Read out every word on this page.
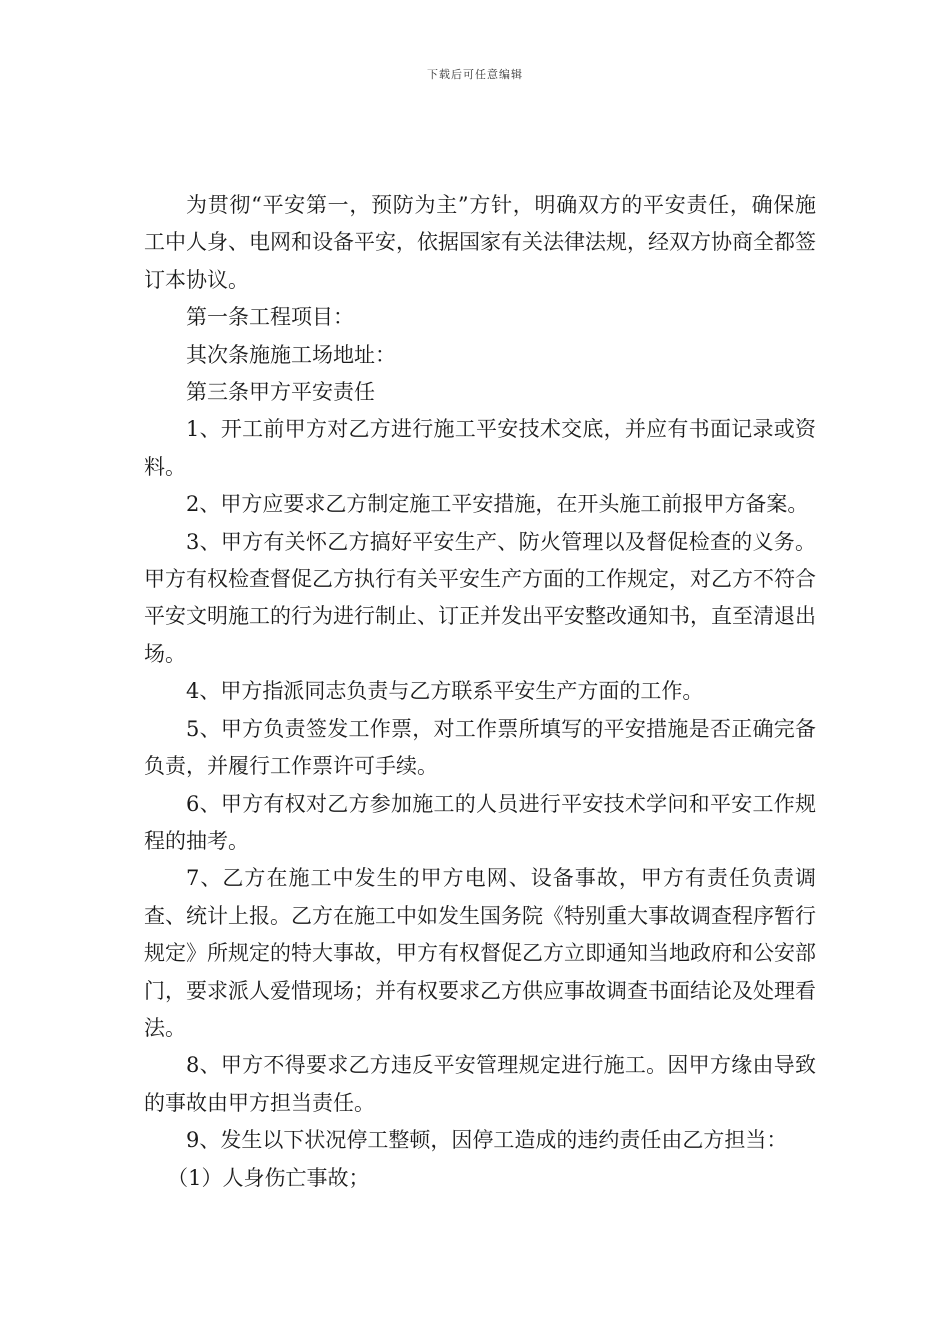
下载后可任意编辑

为贯彻“平安第一，预防为主”方针，明确双方的平安责任，确保施工中人身、电网和设备平安，依据国家有关法律法规，经双方协商全都签订本协议。

第一条工程项目：

其次条施施工场地址：

第三条甲方平安责任

1、开工前甲方对乙方进行施工平安技术交底，并应有书面记录或资料。

2、甲方应要求乙方制定施工平安措施，在开头施工前报甲方备案。

3、甲方有关怀乙方搞好平安生产、防火管理以及督促检查的义务。甲方有权检查督促乙方执行有关平安生产方面的工作规定，对乙方不符合平安文明施工的行为进行制止、订正并发出平安整改通知书，直至清退出场。

4、甲方指派同志负责与乙方联系平安生产方面的工作。

5、甲方负责签发工作票，对工作票所填写的平安措施是否正确完备负责，并履行工作票许可手续。

6、甲方有权对乙方参加施工的人员进行平安技术学问和平安工作规程的抽考。

7、乙方在施工中发生的甲方电网、设备事故，甲方有责任负责调查、统计上报。乙方在施工中如发生国务院《特别重大事故调查程序暂行规定》所规定的特大事故，甲方有权督促乙方立即通知当地政府和公安部门，要求派人爱惜现场；并有权要求乙方供应事故调查书面结论及处理看法。

8、甲方不得要求乙方违反平安管理规定进行施工。因甲方缘由导致的事故由甲方担当责任。

9、发生以下状况停工整顿，因停工造成的违约责任由乙方担当：

（1）人身伤亡事故；
